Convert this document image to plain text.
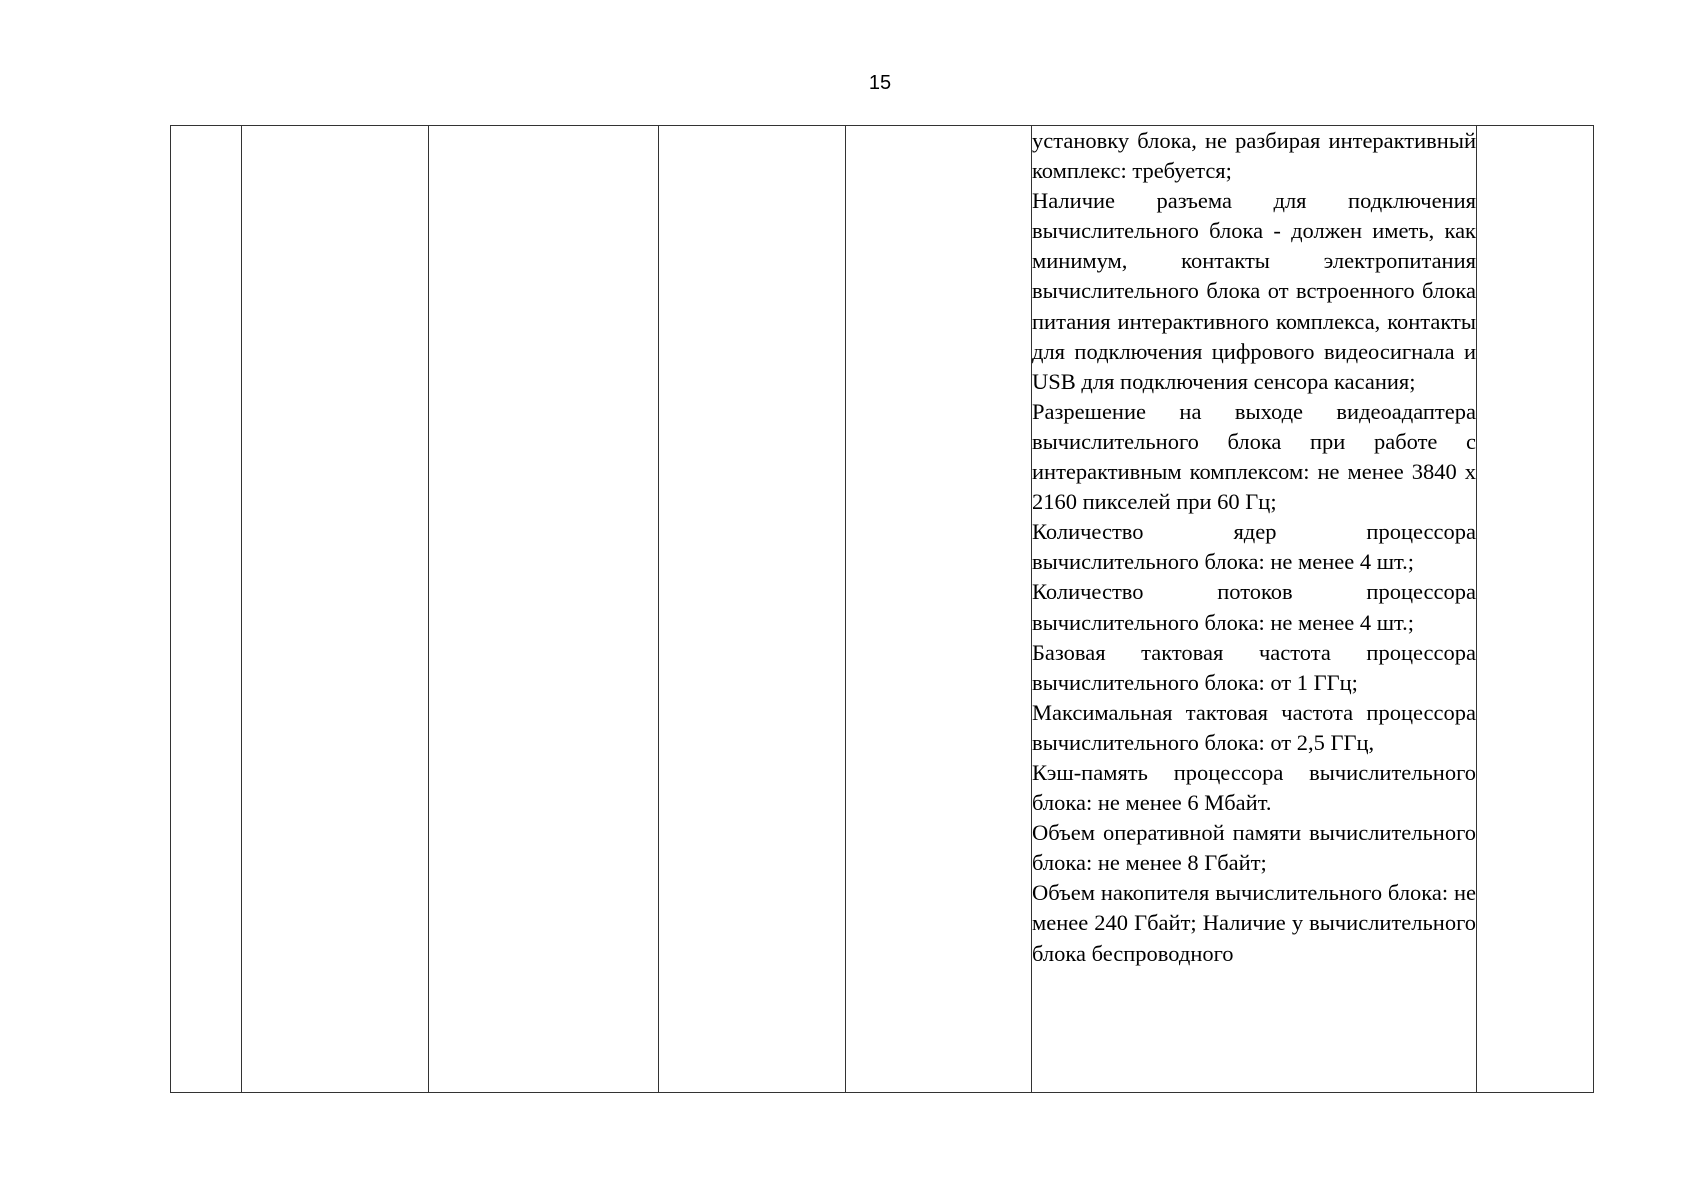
15

установку блока, не разбирая интерактивный комплекс: требуется;

Наличие разъема для подключения вычислительного блока - должен иметь, как минимум, контакты электропитания вычислительного блока от встроенного блока питания интерактивного комплекса, контакты для подключения цифрового видеосигнала и USB для подключения сенсора касания;

Разрешение на выходе видеоадаптера вычислительного блока при работе с интерактивным комплексом: не менее 3840 х 2160 пикселей при 60 Гц;

Количество ядер процессора вычислительного блока: не менее 4 шт.;

Количество потоков процессора вычислительного блока: не менее 4 шт.;

Базовая тактовая частота процессора вычислительного блока: от 1 ГГц;

Максимальная тактовая частота процессора вычислительного блока: от 2,5 ГГц,

Кэш-память процессора вычислительного блока: не менее 6 Мбайт.

Объем оперативной памяти вычислительного блока: не менее 8 Гбайт;

Объем накопителя вычислительного блока: не менее 240 Гбайт; Наличие у вычислительного блока беспроводного
